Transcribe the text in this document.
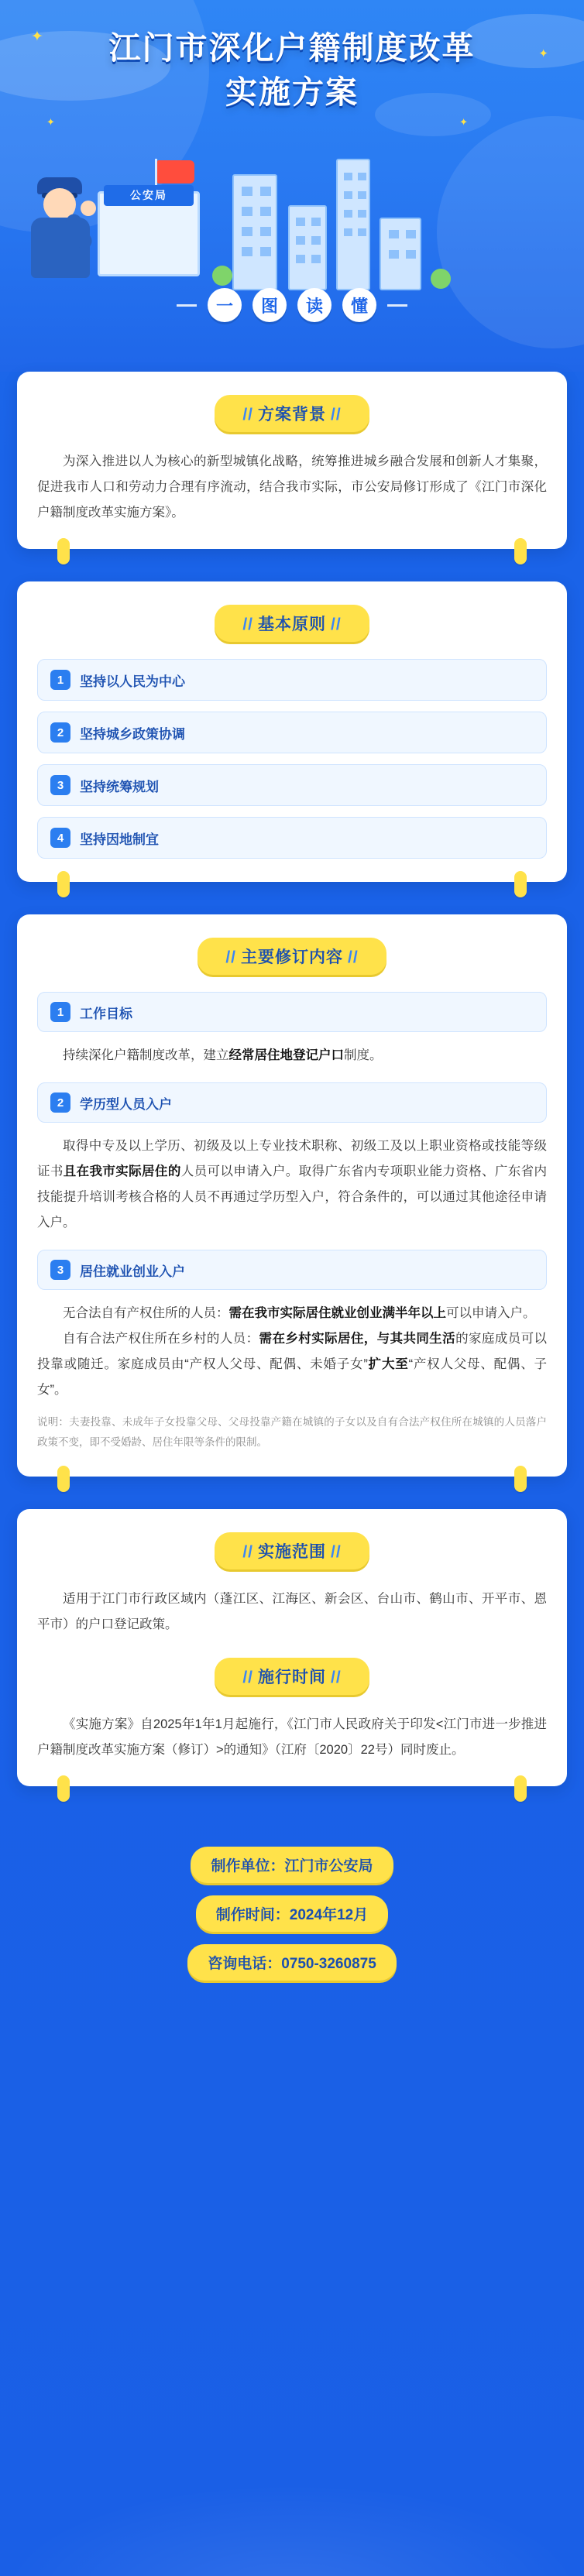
✦
✦
✦
✦
江门市深化户籍制度改革
实施方案
公安局
一	图	读	懂
// 方案背景 //

为深入推进以人为核心的新型城镇化战略，统筹推进城乡融合发展和创新人才集聚，促进我市人口和劳动力合理有序流动，结合我市实际，市公安局修订形成了《江门市深化户籍制度改革实施方案》。

// 基本原则 //
1	坚持以人民为中心
2	坚持城乡政策协调
3	坚持统筹规划
4	坚持因地制宜
// 主要修订内容 //
1	工作目标

持续深化户籍制度改革，建立经常居住地登记户口制度。

2	学历型人员入户

取得中专及以上学历、初级及以上专业技术职称、初级工及以上职业资格或技能等级证书且在我市实际居住的人员可以申请入户。取得广东省内专项职业能力资格、广东省内技能提升培训考核合格的人员不再通过学历型入户，符合条件的，可以通过其他途径申请入户。

3	居住就业创业入户

无合法自有产权住所的人员：需在我市实际居住就业创业满半年以上可以申请入户。

自有合法产权住所在乡村的人员：需在乡村实际居住，与其共同生活的家庭成员可以投靠或随迁。家庭成员由“产权人父母、配偶、未婚子女”扩大至“产权人父母、配偶、子女”。

说明：夫妻投靠、未成年子女投靠父母、父母投靠产籍在城镇的子女以及自有合法产权住所在城镇的人员落户政策不变，即不受婚龄、居住年限等条件的限制。

// 实施范围 //

适用于江门市行政区域内（蓬江区、江海区、新会区、台山市、鹤山市、开平市、恩平市）的户口登记政策。

// 施行时间 //

《实施方案》自2025年1年1月起施行，《江门市人民政府关于印发<江门市进一步推进户籍制度改革实施方案（修订）>的通知》（江府〔2020〕22号）同时废止。

制作单位：江门市公安局
制作时间：2024年12月
咨询电话：0750-3260875
